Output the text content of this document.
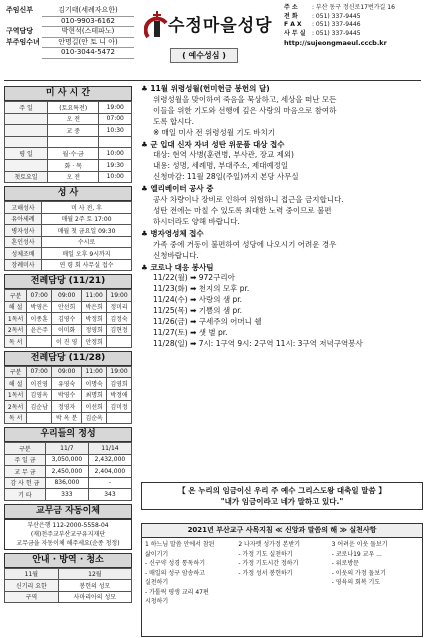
주임신부	김기태(세례자요한)
010-9903-6162
구역담당	박현석(스테파노)
부주임수녀	안명길(안 토 니 아)
010-3044-5472
수정마을성당
주 소	: 부산 동구 정신로17번가길 16
전 화	: 051) 337-9445
F A X	: 051) 337-9446
사 무 실	: 051) 337-9445
http://sujeongmaeul.cccb.kr
( 예수성심 )
미 사 시 간
주 일	(토요특전)	19:00
	오 전	07:00
	교 중	10:30

평 일	월·수·금	10:00
	화 · 목	19:30
첫토요일	오 전	10:00
성 사
고해성사	미 사 전, 후
유아세례	매월 2주 토 17:00
병자성사	매월 첫 금요일 09:30
혼인성사	수시로
성체조배	매일 오후 9시까지
장례미사	연 령 회 사무실 접수
전례담당 (11/21)
구분	07:00	09:00	11:00	19:00
해 설	박영은	안선희	박은희	정미리
1독서	이종훈	김영수	박정희	김정숙
2독서	윤은주	이미화	정영희	김현정
독 서		이 진 영	안정희	
전례담당 (11/28)
구분	07:00	09:00	11:00	19:00
해 설	이진영	유영숙	이명숙	김영희
1독서	김영옥	박영수	최명희	박정애
2독서	김순남	정영자	이선희	김미정
독 서		박 옥 분	김순옥	
우리들의 정성
구분	11/7	11/14
주 일 금	3,050,000	2,432,000
교 무 금	2,450,000	2,404,000
감 사 헌 금	836,000	-
기 타	333	343
교무금 자동이체
부산은행 112-2000-5558-04
(재)천주교부산교구유지재단
교무금을 자동이체 해주세요(순종 청정)
안내 · 방역 · 청소
11월	12월
신기리 요한	봉헌의 성모
구역	사마리아의 성모
♣ 11월 위령성월(헌미헌금 봉헌의 달)
위령성월을 맞이하여 죽음을 묵상하고, 세상을 떠난 모든
이들을 위한 기도와 선행에 깊은 사랑의 마음으로 참여하
도록 합시다.
※ 매일 미사 전 위령성월 기도 바치기
♣ 군 입대 신자 자녀 성탄 위문품 대상 접수
대상: 현역 사병(훈련병, 부사관, 장교 제외)
내용: 성명, 세례명, 부대주소, 제대예정일
신청마감: 11월 28일(주일)까지 본당 사무실
♣ 엘리베이터 공사 중
공사 차량이나 장비로 인하여 위험하니 접근을 금지합니다.
성탄 전에는 마칠 수 있도록 최대한 노력 중이므로 불편
하시더라도 양해 바랍니다.
♣ 병자영성체 접수
가족 중에 거동이 불편하여 성당에 나오시기 어려운 경우
신청바랍니다.
♣ 코로나 대응 봉사팀
11/22(월) ➡ 972구리아
11/23(화) ➡ 천지의 모후 pr.
11/24(수) ➡ 사랑의 샘 pr.
11/25(목) ➡ 기쁨의 샘 pr.
11/26(금) ➡ 구세주의 어머니 쉘
11/27(토) ➡ 샛 별 pr.
11/28(일) ➡ 7시: 1구역 9시: 2구역 11시: 3구역 저녁구역봉사
【 온 누리의 임금이신 우리 주 예수 그리스도왕 대축일 말씀 】
"내가 임금이라고 네가 말하고 있다."
2021년 부산교구 사목지침 ≪ 신앙과 말씀의 해 ≫ 실천사항
1 하느님 말씀 안에서 참된
삶이기기
- 신구약 성경 통독하기
- 매일의 성구 암송하고
실천하기
- 가톨릭 평생 교리 47편
시청하기
2 나자렛 성가정 본받기
- 가정 기도 실천하기
- 가정 기도시간 정하기
- 가정 성서 봉헌하기

3 어려운 이웃 돌보기
- 코로나19 교우 ...
- 위로방문
- 이웃의 가정 돌보기
- 영육의 회복 기도
